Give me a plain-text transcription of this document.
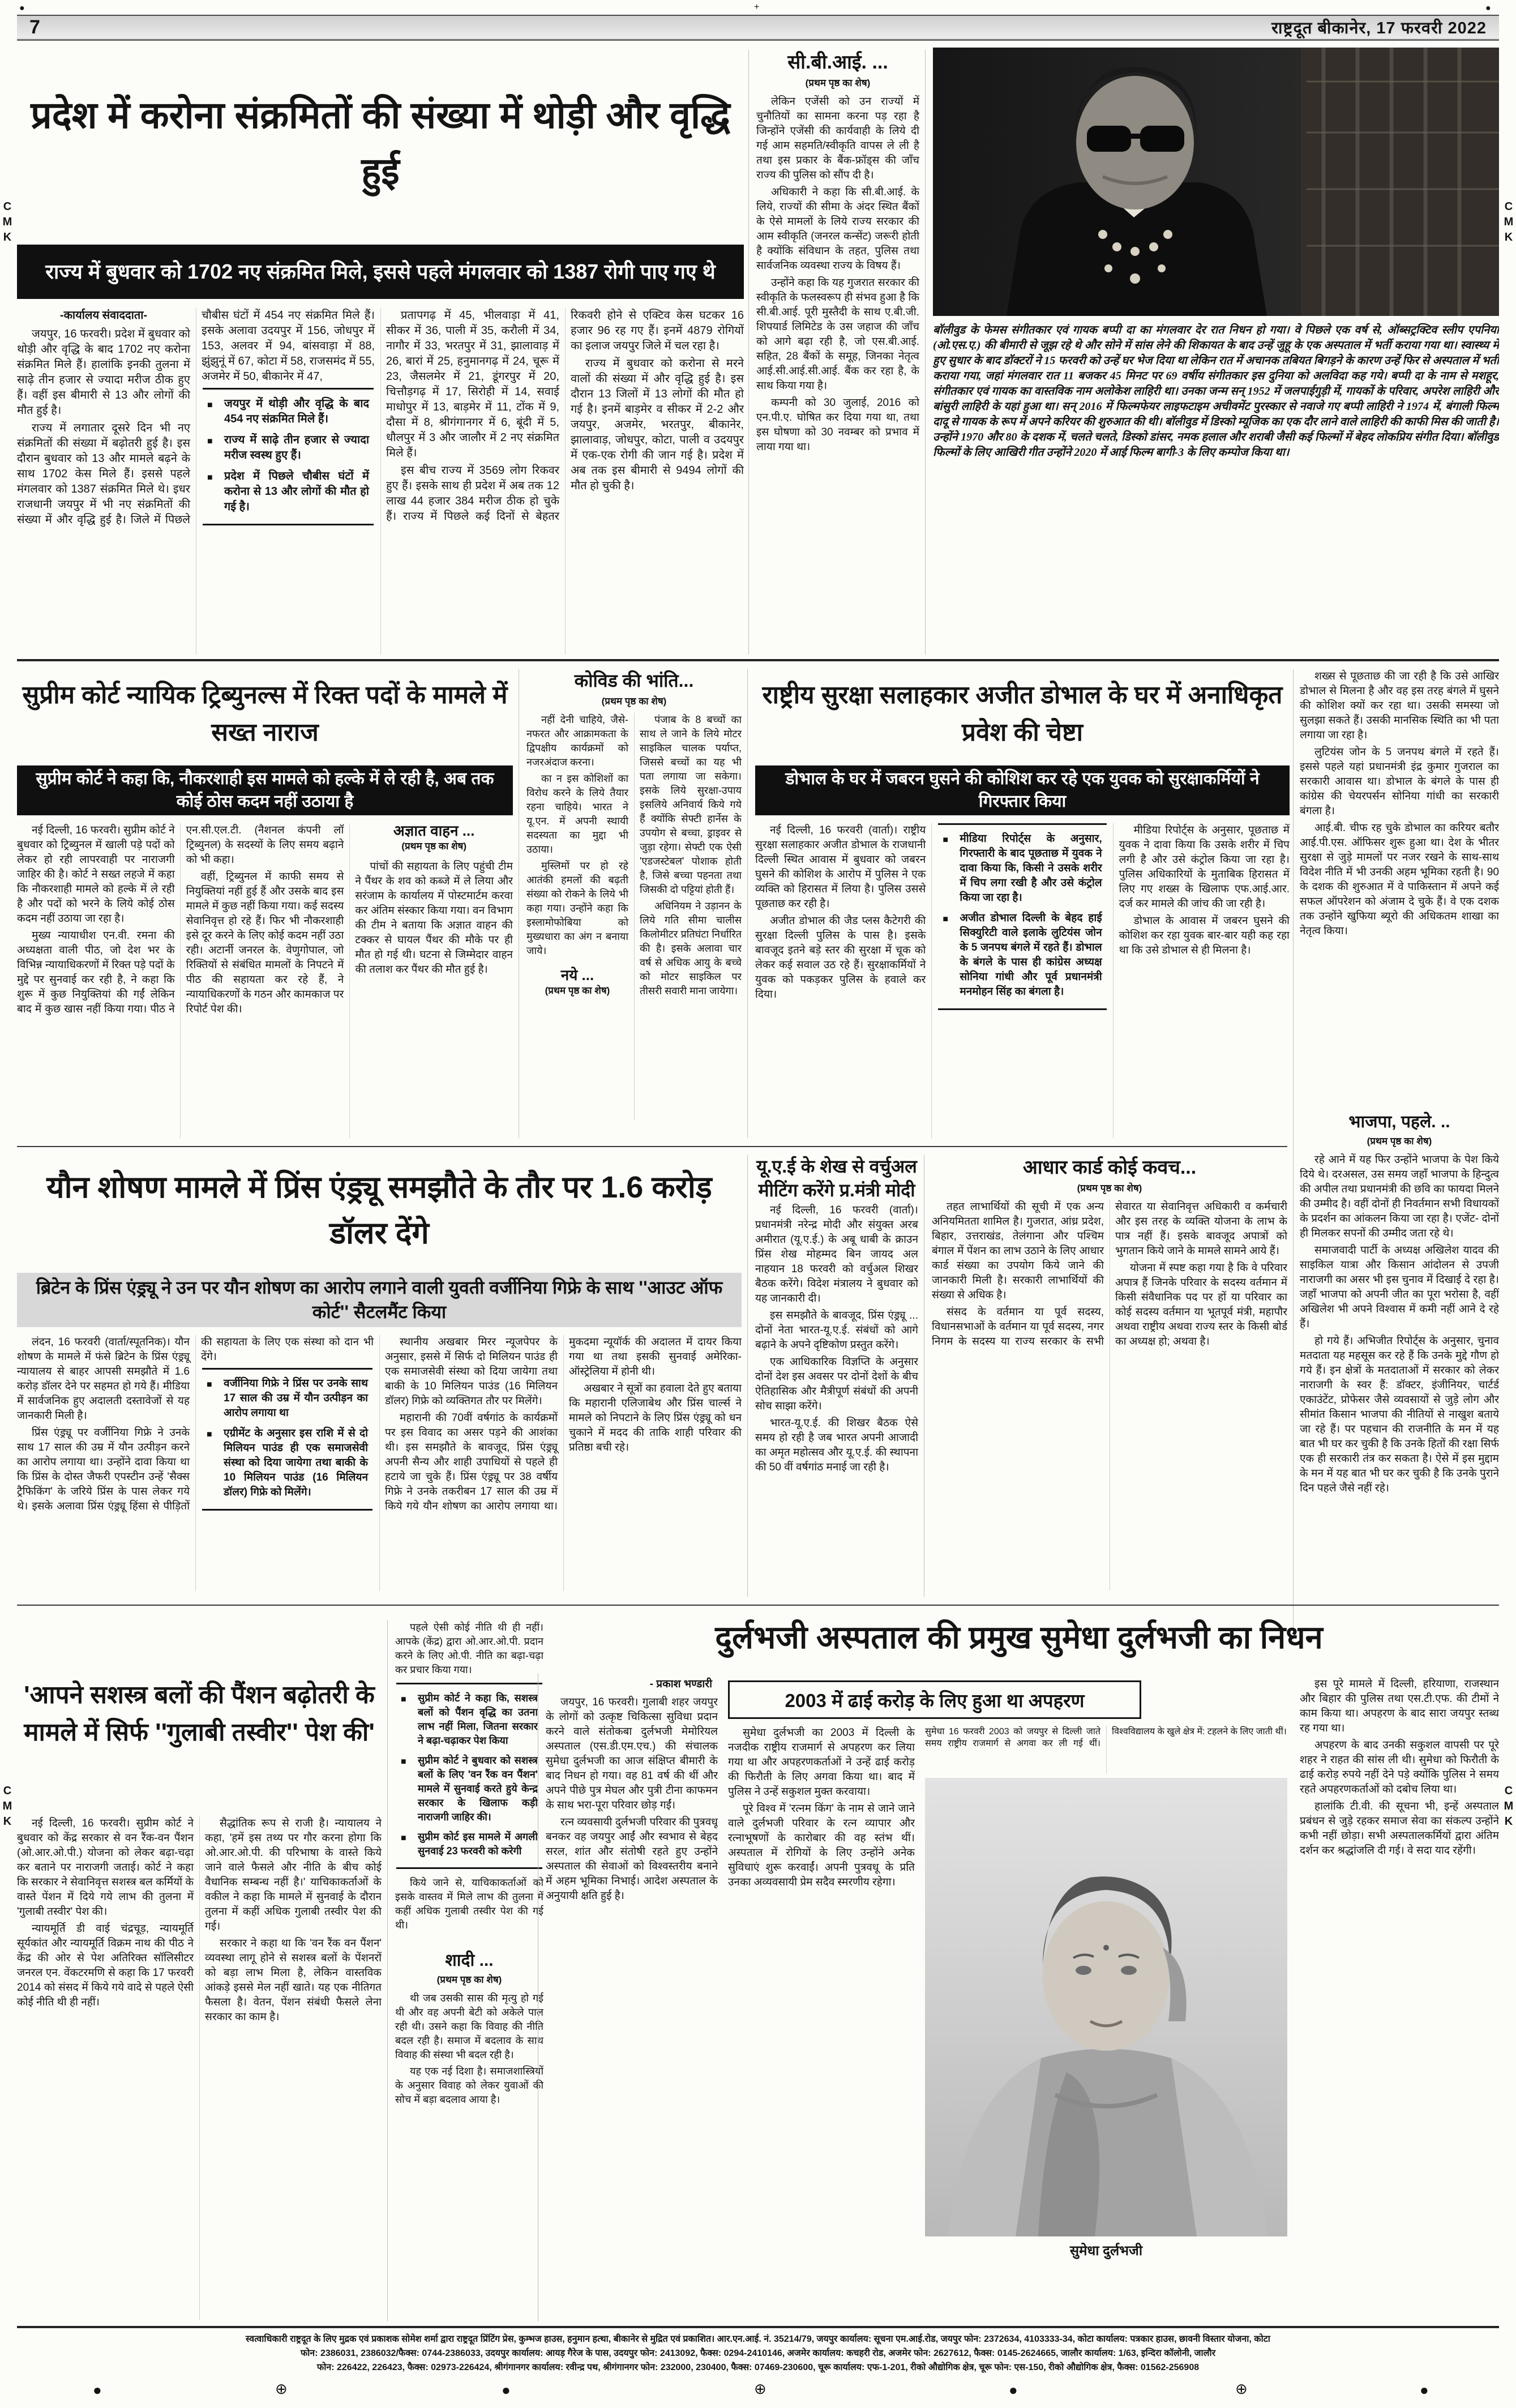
●	+	●
7	राष्ट्रदूत बीकानेर, 17 फरवरी 2022
C
M
K
C
M
K
C
M
K
C
M
K
प्रदेश में करोना संक्रमितों की संख्या में थोड़ी और वृद्धि हुई
राज्य में बुधवार को 1702 नए संक्रमित मिले, इससे पहले मंगलवार को 1387 रोगी पाए गए थे
-कार्यालय संवाददाता-

जयपुर, 16 फरवरी। प्रदेश में बुधवार को थोड़ी और वृद्धि के बाद 1702 नए करोना संक्रमित मिले हैं। हालांकि इनकी तुलना में साढ़े तीन हजार से ज्यादा मरीज ठीक हुए हैं। वहीं इस बीमारी से 13 और लोगों की मौत हुई है।

राज्य में लगातार दूसरे दिन भी नए संक्रमितों की संख्या में बढ़ोतरी हुई है। इस दौरान बुधवार को 13 और मामले बढ़ने के साथ 1702 केस मिले हैं। इससे पहले मंगलवार को 1387 संक्रमित मिले थे। इधर राजधानी जयपुर में भी नए संक्रमितों की संख्या में और वृद्धि हुई है। जिले में पिछले चौबीस घंटों में 454 नए संक्रमित मिले हैं। इसके अलावा उदयपुर में 156, जोधपुर में 153, अलवर में 94, बांसवाड़ा में 88, झुंझुनूं में 67, कोटा में 58, राजसमंद में 55, अजमेर में 50, बीकानेर में 47,

■ जयपुर में थोड़ी और वृद्धि के बाद 454 नए संक्रमित मिले हैं।

■ राज्य में साढ़े तीन हजार से ज्यादा मरीज स्वस्थ हुए हैं।

■ प्रदेश में पिछले चौबीस घंटों में करोना से 13 और लोगों की मौत हो गई है।

प्रतापगढ़ में 45, भीलवाड़ा में 41, सीकर में 36, पाली में 35, करौली में 34, नागौर में 33, भरतपुर में 31, झालावाड़ में 26, बारां में 25, हनुमानगढ़ में 24, चूरू में 23, जैसलमेर में 21, डूंगरपुर में 20, चित्तौड़गढ़ में 17, सिरोही में 14, सवाई माधोपुर में 13, बाड़मेर में 11, टोंक में 9, दौसा में 8, श्रीगंगानगर में 6, बूंदी में 5, धौलपुर में 3 और जालौर में 2 नए संक्रमित मिले हैं।

इस बीच राज्य में 3569 लोग रिकवर हुए हैं। इसके साथ ही प्रदेश में अब तक 12 लाख 44 हजार 384 मरीज ठीक हो चुके हैं। राज्य में पिछले कई दिनों से बेहतर रिकवरी होने से एक्टिव केस घटकर 16 हजार 96 रह गए हैं। इनमें 4879 रोगियों का इलाज जयपुर जिले में चल रहा है।

राज्य में बुधवार को करोना से मरने वालों की संख्या में और वृद्धि हुई है। इस दौरान 13 जिलों में 13 लोगों की मौत हो गई है। इनमें बाड़मेर व सीकर में 2-2 और जयपुर, अजमेर, भरतपुर, बीकानेर, झालावाड़, जोधपुर, कोटा, पाली व उदयपुर में एक-एक रोगी की जान गई है। प्रदेश में अब तक इस बीमारी से 9494 लोगों की मौत हो चुकी है।

सी.बी.आई. ...
(प्रथम पृष्ठ का शेष)

लेकिन एजेंसी को उन राज्यों में चुनौतियों का सामना करना पड़ रहा है जिन्होंने एजेंसी की कार्यवाही के लिये दी गई आम सहमति/स्वीकृति वापस ले ली है तथा इस प्रकार के बैंक-फ्रॉड्स की जाँच राज्य की पुलिस को सौंप दी है।

अधिकारी ने कहा कि सी.बी.आई. के लिये, राज्यों की सीमा के अंदर स्थित बैंकों के ऐसे मामलों के लिये राज्य सरकार की आम स्वीकृति (जनरल कन्सेंट) जरूरी होती है क्योंकि संविधान के तहत, पुलिस तथा सार्वजनिक व्यवस्था राज्य के विषय हैं।

उन्होंने कहा कि यह गुजरात सरकार की स्वीकृति के फलस्वरूप ही संभव हुआ है कि सी.बी.आई. पूरी मुस्तैदी के साथ ए.बी.जी. शिपयार्ड लिमिटेड के उस जहाज की जाँच को आगे बढ़ा रही है, जो एस.बी.आई. सहित, 28 बैंकों के समूह, जिनका नेतृत्व आई.सी.आई.सी.आई. बैंक कर रहा है, के साथ किया गया है।

कम्पनी को 30 जुलाई, 2016 को एन.पी.ए. घोषित कर दिया गया था, तथा इस घोषणा को 30 नवम्बर को प्रभाव में लाया गया था।

बॉलीवुड के फेमस संगीतकार एवं गायक बप्पी दा का मंगलवार देर रात निधन हो गया। वे पिछले एक वर्ष से, ऑब्सट्रक्टिव स्लीप एपनिया (ओ.एस.ए.) की बीमारी से जूझ रहे थे और सोने में सांस लेने की शिकायत के बाद उन्हें जुहू के एक अस्पताल में भर्ती कराया गया था। स्वास्थ्य में हुए सुधार के बाद डॉक्टरों ने 15 फरवरी को उन्हें घर भेज दिया था लेकिन रात में अचानक तबियत बिगड़ने के कारण उन्हें फिर से अस्पताल में भर्ती कराया गया, जहां मंगलवार रात 11 बजकर 45 मिनट पर 69 वर्षीय संगीतकार इस दुनिया को अलविदा कह गये। बप्पी दा के नाम से मशहूर, संगीतकार एवं गायक का वास्तविक नाम अलोकेश लाहिरी था। उनका जन्म सन् 1952 में जलपाईगुड़ी में, गायकों के परिवार, अपरेश लाहिरी और बांसुरी लाहिरी के यहां हुआ था। सन् 2016 में फिल्मफेयर लाइफटाइम अचीवमेंट पुरस्कार से नवाजे गए बप्पी लाहिरी ने 1974 में, बंगाली फिल्म दादू से गायक के रूप में अपने करियर की शुरुआत की थी। बॉलीवुड में डिस्को म्यूजिक का एक दौर लाने वाले लाहिरी की काफी मिस की जाती है। उन्होंने 1970 और 80 के दशक में, चलते चलते, डिस्को डांसर, नमक हलाल और शराबी जैसी कई फिल्मों में बेहद लोकप्रिय संगीत दिया। बॉलीवुड फिल्मों के लिए आखिरी गीत उन्होंने 2020 में आई फिल्म बागी-3 के लिए कम्पोज किया था।
सुप्रीम कोर्ट न्यायिक ट्रिब्युनल्स में रिक्त पदों के मामले में सख्त नाराज
सुप्रीम कोर्ट ने कहा कि, नौकरशाही इस मामले को हल्के में ले रही है, अब तक कोई ठोस कदम नहीं उठाया है

नई दिल्ली, 16 फरवरी। सुप्रीम कोर्ट ने बुधवार को ट्रिब्युनल में खाली पड़े पदों को लेकर हो रही लापरवाही पर नाराजगी जाहिर की है। कोर्ट ने सख्त लहजे में कहा कि नौकरशाही मामले को हल्के में ले रही है और पदों को भरने के लिये कोई ठोस कदम नहीं उठाया जा रहा है।

मुख्य न्यायाधीश एन.वी. रमना की अध्यक्षता वाली पीठ, जो देश भर के विभिन्न न्यायाधिकरणों में रिक्त पड़े पदों के मुद्दे पर सुनवाई कर रही है, ने कहा कि शुरू में कुछ नियुक्तियां की गईं लेकिन बाद में कुछ खास नहीं किया गया। पीठ ने एन.सी.एल.टी. (नैशनल कंपनी लॉ ट्रिब्युनल) के सदस्यों के लिए समय बढ़ाने को भी कहा।

वहीं, ट्रिब्युनल में काफी समय से नियुक्तियां नहीं हुई हैं और उसके बाद इस मामले में कुछ नहीं किया गया। कई सदस्य सेवानिवृत्त हो रहे हैं। फिर भी नौकरशाही इसे दूर करने के लिए कोई कदम नहीं उठा रही। अटार्नी जनरल के. वेणुगोपाल, जो रिक्तियों से संबंधित मामलों के निपटने में पीठ की सहायता कर रहे हैं, ने न्यायाधिकरणों के गठन और कामकाज पर रिपोर्ट पेश की।

अज्ञात वाहन ...
(प्रथम पृष्ठ का शेष)

पांचों की सहायता के लिए पहुंची टीम ने पैंथर के शव को कब्जे में ले लिया और सरंजाम के कार्यालय में पोस्टमार्टम करवा कर अंतिम संस्कार किया गया। वन विभाग की टीम ने बताया कि अज्ञात वाहन की टक्कर से घायल पैंथर की मौके पर ही मौत हो गई थी। घटना से जिम्मेदार वाहन की तलाश कर पैंथर की मौत हुई है।

कोविड की भांति...
(प्रथम पृष्ठ का शेष)

नहीं देनी चाहिये, जैसे- नफरत और आक्रामकता के द्विपक्षीय कार्यक्रमों को नजरअंदाज करना।

का न इस कोशिशों का विरोध करने के लिये तैयार रहना चाहिये। भारत ने यू.एन. में अपनी स्थायी सदस्यता का मुद्दा भी उठाया।

मुस्लिमों पर हो रहे आतंकी हमलों की बढ़ती संख्या को रोकने के लिये भी कहा गया। उन्होंने कहा कि इस्लामोफोबिया को मुख्यधारा का अंग न बनाया जाये।

नये ...
(प्रथम पृष्ठ का शेष)

पंजाब के 8 बच्चों का साथ ले जाने के लिये मोटर साइकिल चालक पर्याप्त, जिससे बच्चों का यह भी पता लगाया जा सकेगा। इसके लिये सुरक्षा-उपाय इसलिये अनिवार्य किये गये हैं क्योंकि सेफ्टी हार्नेस के उपयोग से बच्चा, ड्राइवर से जुड़ा रहेगा। सेफ्टी एक ऐसी 'एडजस्टेबल' पोशाक होती है, जिसे बच्चा पहनता तथा जिसकी दो पट्टियां होती हैं।

अधिनियम ने उड़ानन के लिये गति सीमा चालीस किलोमीटर प्रतिघंटा निर्धारित की है। इसके अलावा चार वर्ष से अधिक आयु के बच्चे को मोटर साइकिल पर तीसरी सवारी माना जायेगा।

राष्ट्रीय सुरक्षा सलाहकार अजीत डोभाल के घर में अनाधिकृत प्रवेश की चेष्टा
डोभाल के घर में जबरन घुसने की कोशिश कर रहे एक युवक को सुरक्षाकर्मियों ने गिरफ्तार किया

नई दिल्ली, 16 फरवरी (वार्ता)। राष्ट्रीय सुरक्षा सलाहकार अजीत डोभाल के राजधानी दिल्ली स्थित आवास में बुधवार को जबरन घुसने की कोशिश के आरोप में पुलिस ने एक व्यक्ति को हिरासत में लिया है। पुलिस उससे पूछताछ कर रही है।

अजीत डोभाल की जैड प्लस कैटेगरी की सुरक्षा दिल्ली पुलिस के पास है। इसके बावजूद इतने बड़े स्तर की सुरक्षा में चूक को लेकर कई सवाल उठ रहे हैं। सुरक्षाकर्मियों ने युवक को पकड़कर पुलिस के हवाले कर दिया।

■ मीडिया रिपोर्ट्स के अनुसार, गिरफ्तारी के बाद पूछताछ में युवक ने दावा किया कि, किसी ने उसके शरीर में चिप लगा रखी है और उसे कंट्रोल किया जा रहा है।

■ अजीत डोभाल दिल्ली के बेहद हाई सिक्युरिटी वाले इलाके लुटियंस जोन के 5 जनपथ बंगले में रहते हैं। डोभाल के बंगले के पास ही कांग्रेस अध्यक्ष सोनिया गांधी और पूर्व प्रधानमंत्री मनमोहन सिंह का बंगला है।

मीडिया रिपोर्ट्स के अनुसार, पूछताछ में युवक ने दावा किया कि उसके शरीर में चिप लगी है और उसे कंट्रोल किया जा रहा है। पुलिस अधिकारियों के मुताबिक हिरासत में लिए गए शख्स के खिलाफ एफ.आई.आर. दर्ज कर मामले की जांच की जा रही है।

डोभाल के आवास में जबरन घुसने की कोशिश कर रहा युवक बार-बार यही कह रहा था कि उसे डोभाल से ही मिलना है।

शख्स से पूछताछ की जा रही है कि उसे आखिर डोभाल से मिलना है और वह इस तरह बंगले में घुसने की कोशिश क्यों कर रहा था। उसकी समस्या जो सुलझा सकते हैं। उसकी मानसिक स्थिति का भी पता लगाया जा रहा है।

लुटियंस जोन के 5 जनपथ बंगले में रहते हैं। इससे पहले यहां प्रधानमंत्री इंद्र कुमार गुजराल का सरकारी आवास था। डोभाल के बंगले के पास ही कांग्रेस की चेयरपर्सन सोनिया गांधी का सरकारी बंगला है।

आई.बी. चीफ रह चुके डोभाल का करियर बतौर आई.पी.एस. ऑफिसर शुरू हुआ था। देश के भीतर सुरक्षा से जुड़े मामलों पर नजर रखने के साथ-साथ विदेश नीति में भी उनकी अहम भूमिका रहती है। 90 के दशक की शुरुआत में वे पाकिस्तान में अपने कई सफल ऑपरेशन को अंजाम दे चुके हैं। वे एक दशक तक उन्होंने खुफिया ब्यूरो की अधिकतम शाखा का नेतृत्व किया।

भाजपा, पहले. ..
(प्रथम पृष्ठ का शेष)

रहे आने में यह फिर उन्होंने भाजपा के पेश किये दिये थे। दरअसल, उस समय जहाँ भाजपा के हिन्दुत्व की अपील तथा प्रधानमंत्री की छवि का फायदा मिलने की उम्मीद है। वहीं दोनों ही निवर्तमान सभी विधायकों के प्रदर्शन का आंकलन किया जा रहा है। एजेंट- दोनों ही मिलकर सपनों की उम्मीद जता रहे थे।

समाजवादी पार्टी के अध्यक्ष अखिलेश यादव की साइकिल यात्रा और किसान आंदोलन से उपजी नाराजगी का असर भी इस चुनाव में दिखाई दे रहा है। जहाँ भाजपा को अपनी जीत का पूरा भरोसा है, वहीं अखिलेश भी अपने विश्वास में कमी नहीं आने दे रहे हैं।

हो गये हैं। अभिजीत रिपोर्ट्स के अनुसार, चुनाव मतदाता यह महसूस कर रहे हैं कि उनके मुद्दे गौण हो गये हैं। इन क्षेत्रों के मतदाताओं में सरकार को लेकर नाराजगी के स्वर हैं: डॉक्टर, इंजीनियर, चार्टर्ड एकाउंटेंट, प्रोफेसर जैसे व्यवसायों से जुड़े लोग और सीमांत किसान भाजपा की नीतियों से नाखुश बताये जा रहे हैं। पर पहचान की राजनीति के मन में यह बात भी घर कर चुकी है कि उनके हितों की रक्षा सिर्फ एक ही सरकारी तंत्र कर सकता है। ऐसे में इस मुद्दाम के मन में यह बात भी घर कर चुकी है कि उनके पुराने दिन पहले जैसे नहीं रहे।

यौन शोषण मामले में प्रिंस एंड्र्यू समझौते के तौर पर 1.6 करोड़ डॉलर देंगे
ब्रिटेन के प्रिंस एंड्र्यू ने उन पर यौन शोषण का आरोप लगाने वाली युवती वर्जीनिया गिफ्रे के साथ ''आउट ऑफ कोर्ट'' सैटलमैंट किया

लंदन, 16 फरवरी (वार्ता/स्पूतनिक)। यौन शोषण के मामले में फंसे ब्रिटेन के प्रिंस एंड्र्यू न्यायालय से बाहर आपसी समझौते में 1.6 करोड़ डॉलर देने पर सहमत हो गये हैं। मीडिया में सार्वजनिक हुए अदालती दस्तावेजों से यह जानकारी मिली है।

प्रिंस एंड्र्यू पर वर्जीनिया गिफ्रे ने उनके साथ 17 साल की उम्र में यौन उत्पीड़न करने का आरोप लगाया था। उन्होंने दावा किया था कि प्रिंस के दोस्त जैफरी एपस्टीन उन्हें 'सैक्स ट्रैफिकिंग' के जरिये प्रिंस के पास लेकर गये थे। इसके अलावा प्रिंस एंड्र्यू हिंसा से पीड़ितों की सहायता के लिए एक संस्था को दान भी देंगे।

■ वर्जीनिया गिफ्रे ने प्रिंस पर उनके साथ 17 साल की उम्र में यौन उत्पीड़न का आरोप लगाया था

■ एग्रीमेंट के अनुसार इस राशि में से दो मिलियन पाउंड ही एक समाजसेवी संस्था को दिया जायेगा तथा बाकी के 10 मिलियन पाउंड (16 मिलियन डॉलर) गिफ्रे को मिलेंगे।

स्थानीय अखबार मिरर न्यूजपेपर के अनुसार, इससे में सिर्फ दो मिलियन पाउंड ही एक समाजसेवी संस्था को दिया जायेगा तथा बाकी के 10 मिलियन पाउंड (16 मिलियन डॉलर) गिफ्रे को व्यक्तिगत तौर पर मिलेंगे।

महारानी की 70वीं वर्षगांठ के कार्यक्रमों पर इस विवाद का असर पड़ने की आशंका थी। इस समझौते के बावजूद, प्रिंस एंड्र्यू अपनी सैन्य और शाही उपाधियों से पहले ही हटाये जा चुके हैं। प्रिंस एंड्र्यू पर 38 वर्षीय गिफ्रे ने उनके तकरीबन 17 साल की उम्र में किये गये यौन शोषण का आरोप लगाया था। मुकदमा न्यूयॉर्क की अदालत में दायर किया गया था तथा इसकी सुनवाई अमेरिका-ऑस्ट्रेलिया में होनी थी।

अखबार ने सूत्रों का हवाला देते हुए बताया कि महारानी एलिजाबेथ और प्रिंस चार्ल्स ने मामले को निपटाने के लिए प्रिंस एंड्र्यू को धन चुकाने में मदद की ताकि शाही परिवार की प्रतिष्ठा बची रहे।

यू.ए.ई के शेख से वर्चुअल मीटिंग करेंगे प्र.मंत्री मोदी

नई दिल्ली, 16 फरवरी (वार्ता)। प्रधानमंत्री नरेन्द्र मोदी और संयुक्त अरब अमीरात (यू.ए.ई.) के अबू धाबी के क्राउन प्रिंस शेख मोहम्मद बिन जायद अल नाहयान 18 फरवरी को वर्चुअल शिखर बैठक करेंगे। विदेश मंत्रालय ने बुधवार को यह जानकारी दी।

इस समझौते के बावजूद, प्रिंस एंड्र्यू ... दोनों नेता भारत-यू.ए.ई. संबंधों को आगे बढ़ाने के अपने दृष्टिकोण प्रस्तुत करेंगे।

एक आधिकारिक विज्ञप्ति के अनुसार दोनों देश इस अवसर पर दोनों देशों के बीच ऐतिहासिक और मैत्रीपूर्ण संबंधों की अपनी सोच साझा करेंगे।

भारत-यू.ए.ई. की शिखर बैठक ऐसे समय हो रही है जब भारत अपनी आजादी का अमृत महोत्सव और यू.ए.ई. की स्थापना की 50 वीं वर्षगांठ मनाई जा रही है।

आधार कार्ड कोई कवच...
(प्रथम पृष्ठ का शेष)

तहत लाभार्थियों की सूची में एक अन्य अनियमितता शामिल है। गुजरात, आंध्र प्रदेश, बिहार, उत्तराखंड, तेलंगाना और पश्चिम बंगाल में पेंशन का लाभ उठाने के लिए आधार कार्ड संख्या का उपयोग किये जाने की जानकारी मिली है। सरकारी लाभार्थियों की संख्या से अधिक है।

संसद के वर्तमान या पूर्व सदस्य, विधानसभाओं के वर्तमान या पूर्व सदस्य, नगर निगम के सदस्य या राज्य सरकार के सभी सेवारत या सेवानिवृत्त अधिकारी व कर्मचारी और इस तरह के व्यक्ति योजना के लाभ के पात्र नहीं हैं। इसके बावजूद अपात्रों को भुगतान किये जाने के मामले सामने आये हैं।

योजना में स्पष्ट कहा गया है कि वे परिवार अपात्र हैं जिनके परिवार के सदस्य वर्तमान में किसी संवैधानिक पद पर हों या परिवार का कोई सदस्य वर्तमान या भूतपूर्व मंत्री, महापौर अथवा राष्ट्रीय अथवा राज्य स्तर के किसी बोर्ड का अध्यक्ष हो; अथवा है।

'आपने सशस्त्र बलों की पैंशन बढ़ोतरी के मामले में सिर्फ ''गुलाबी तस्वीर'' पेश की'

नई दिल्ली, 16 फरवरी। सुप्रीम कोर्ट ने बुधवार को केंद्र सरकार से वन रैंक-वन पैंशन (ओ.आर.ओ.पी.) योजना को लेकर बढ़ा-चढ़ा कर बताने पर नाराजगी जताई। कोर्ट ने कहा कि सरकार ने सेवानिवृत्त सशस्त्र बल कर्मियों के वास्ते पेंशन में दिये गये लाभ की तुलना में 'गुलाबी तस्वीर' पेश की।

न्यायमूर्ति डी वाई चंद्रचूड़, न्यायमूर्ति सूर्यकांत और न्यायमूर्ति विक्रम नाथ की पीठ ने केंद्र की ओर से पेश अतिरिक्त सॉलिसीटर जनरल एन. वेंकटरमणि से कहा कि 17 फरवरी 2014 को संसद में किये गये वादे से पहले ऐसी कोई नीति थी ही नहीं।

सैद्धांतिक रूप से राजी है। न्यायालय ने कहा, 'हमें इस तथ्य पर गौर करना होगा कि ओ.आर.ओ.पी. की परिभाषा के वास्ते किये जाने वाले फैसले और नीति के बीच कोई वैधानिक सम्बन्ध नहीं है।' याचिकाकर्ताओं के वकील ने कहा कि मामले में सुनवाई के दौरान तुलना में कहीं अधिक गुलाबी तस्वीर पेश की गई।

सरकार ने कहा था कि 'वन रैंक वन पैंशन' व्यवस्था लागू होने से सशस्त्र बलों के पेंशनरों को बड़ा लाभ मिला है, लेकिन वास्तविक आंकड़े इससे मेल नहीं खाते। यह एक नीतिगत फैसला है। वेतन, पेंशन संबंधी फैसले लेना सरकार का काम है।

पहले ऐसी कोई नीति थी ही नहीं। आपके (केंद्र) द्वारा ओ.आर.ओ.पी. प्रदान करने के लिए ओ.पी. नीति का बढ़ा-चढ़ा कर प्रचार किया गया।

■ सुप्रीम कोर्ट ने कहा कि, सशस्त्र बलों को पैंशन वृद्धि का उतना लाभ नहीं मिला, जितना सरकार ने बढ़ा-चढ़ाकर पेश किया

■ सुप्रीम कोर्ट ने बुधवार को सशस्त्र बलों के लिए 'वन रैंक वन पैंशन' मामले में सुनवाई करते हुये केन्द्र सरकार के खिलाफ कड़ी नाराजगी जाहिर की।

■ सुप्रीम कोर्ट इस मामले में अगली सुनवाई 23 फरवरी को करेगी

किये जाने से, याचिकाकर्ताओं को इसके वास्तव में मिले लाभ की तुलना में कहीं अधिक गुलाबी तस्वीर पेश की गई थी।

शादी ...
(प्रथम पृष्ठ का शेष)

थी जब उसकी सास की मृत्यु हो गई थी और वह अपनी बेटी को अकेले पाल रही थी। उसने कहा कि विवाह की नीति बदल रही है। समाज में बदलाव के साथ विवाह की संस्था भी बदल रही है।

यह एक नई दिशा है। समाजशास्त्रियों के अनुसार विवाह को लेकर युवाओं की सोच में बड़ा बदलाव आया है।

दुर्लभजी अस्पताल की प्रमुख सुमेधा दुर्लभजी का निधन
2003 में ढाई करोड़ के लिए हुआ था अपहरण
- प्रकाश भण्डारी

जयपुर, 16 फरवरी। गुलाबी शहर जयपुर के लोगों को उत्कृष्ट चिकित्सा सुविधा प्रदान करने वाले संतोकबा दुर्लभजी मेमोरियल अस्पताल (एस.डी.एम.एच.) की संचालक सुमेधा दुर्लभजी का आज संक्षिप्त बीमारी के बाद निधन हो गया। वह 81 वर्ष की थीं और अपने पीछे पुत्र मेघल और पुत्री टीना काफमन के साथ भरा-पूरा परिवार छोड़ गईं।

रत्न व्यवसायी दुर्लभजी परिवार की पुत्रवधू बनकर वह जयपुर आईं और स्वभाव से बेहद सरल, शांत और संतोषी रहते हुए उन्होंने अस्पताल की सेवाओं को विश्वस्तरीय बनाने में अहम भूमिका निभाई। आदेश अस्पताल के अनुयायी क्षति हुई है।

सुमेधा दुर्लभजी का 2003 में दिल्ली के नजदीक राष्ट्रीय राजमार्ग से अपहरण कर लिया गया था और अपहरणकर्ताओं ने उन्हें ढाई करोड़ की फिरौती के लिए अगवा किया था। बाद में पुलिस ने उन्हें सकुशल मुक्त करवाया।

पूरे विश्व में 'रत्नम किंग' के नाम से जाने जाने वाले दुर्लभजी परिवार के रत्न व्यापार और रत्नाभूषणों के कारोबार की वह स्तंभ थीं। अस्पताल में रोगियों के लिए उन्होंने अनेक सुविधाएं शुरू करवाईं। अपनी पुत्रवधू के प्रति उनका अव्यवसायी प्रेम सदैव स्मरणीय रहेगा।

सुमेधा 16 फरवरी 2003 को जयपुर से दिल्ली जाते समय राष्ट्रीय राजमार्ग से अगवा कर ली गई थीं। विश्वविद्यालय के खुले क्षेत्र में: टहलने के लिए जाती थीं।

सुमेधा दुर्लभजी

इस पूरे मामले में दिल्ली, हरियाणा, राजस्थान और बिहार की पुलिस तथा एस.टी.एफ. की टीमों ने काम किया था। अपहरण के बाद सारा जयपुर स्तब्ध रह गया था।

अपहरण के बाद उनकी सकुशल वापसी पर पूरे शहर ने राहत की सांस ली थी। सुमेधा को फिरौती के ढाई करोड़ रुपये नहीं देने पड़े क्योंकि पुलिस ने समय रहते अपहरणकर्ताओं को दबोच लिया था।

हालांकि टी.वी. की सूचना भी, इन्हें अस्पताल प्रबंधन से जुड़े रहकर समाज सेवा का संकल्प उन्होंने कभी नहीं छोड़ा। सभी अस्पतालकर्मियों द्वारा अंतिम दर्शन कर श्रद्धांजलि दी गई। वे सदा याद रहेंगी।

स्वत्वाधिकारी राष्ट्रदूत के लिए मुद्रक एवं प्रकाशक सोमेश शर्मा द्वारा राष्ट्रदूत प्रिंटिंग प्रेस, कुम्भज हाउस, हनुमान हत्था, बीकानेर से मुद्रित एवं प्रकाशित। आर.एन.आई. नं. 35214/79, जयपुर कार्यालय: सूचना एम.आई.रोड, जयपुर फोन: 2372634, 4103333-34, कोटा कार्यालय: पत्रकार हाउस, छावनी विस्तार योजना, कोटा

फोन: 2386031, 2386032/फैक्स: 0744-2386033, उदयपुर कार्यालय: आयड़ गैरेज के पास, उदयपुर फोन: 2413092, फैक्स: 0294-2410146, अजमेर कार्यालय: कचहरी रोड, अजमेर फोन: 2627612, फैक्स: 0145-2624665, जालौर कार्यालय: 1/63, इन्दिरा कॉलोनी, जालौर

फोन: 226422, 226423, फैक्स: 02973-226424, श्रीगंगानगर कार्यालय: रवीन्द्र पथ, श्रीगंगानगर फोन: 232000, 230400, फैक्स: 07469-230600, चूरू कार्यालय: एफ-1-201, रीको औद्योगिक क्षेत्र, चूरू फोन: एस-150, रीको औद्योगिक क्षेत्र, फैक्स: 01562-256908

●	⊕	●	⊕	●	⊕	●
